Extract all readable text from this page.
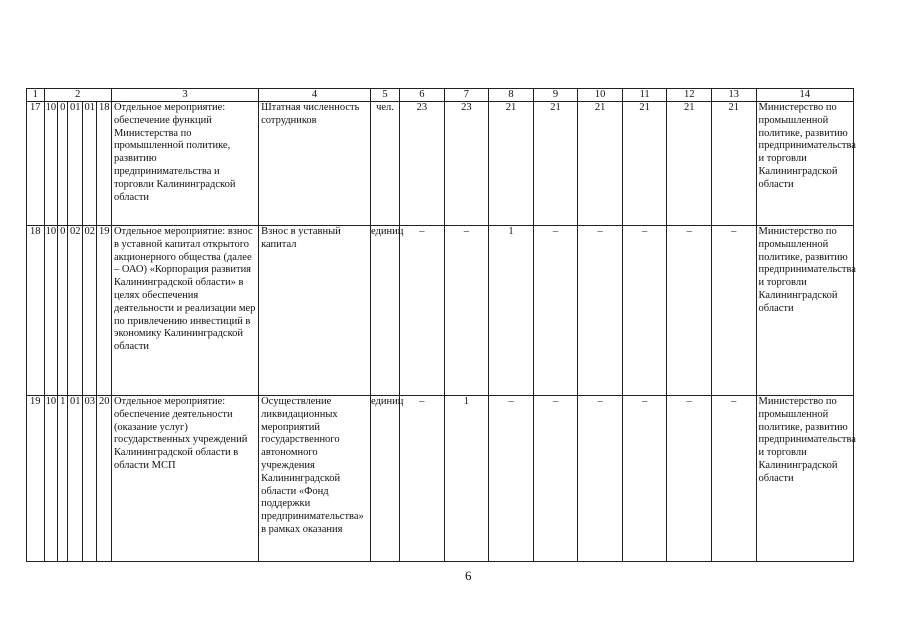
1	2					3	4	5	6	7	8	9	10	11	12	13	14
17	10	0	01	01	18	Отдельное мероприятие: обеспечение функций Министерства по промышленной политике, развитию предпринимательства и торговли Калининградской области	Штатная численность сотрудников	чел.	23	23	21	21	21	21	21	21	Министерство по промышленной политике, развитию предпринимательства и торговли Калининградской области

18	10	0	02	02	19	Отдельное мероприятие: взнос в уставной капитал открытого акционерного общества (далее – ОАО) «Корпорация развития Калининградской области» в целях обеспечения деятельности и реализации мер по привлечению инвестиций в экономику Калининградской области	Взнос в уставный капитал	единиц	–	–	1	–	–	–	–	–	Министерство по промышленной политике, развитию предпринимательства и торговли Калининградской области

19	10	1	01	03	20	Отдельное мероприятие: обеспечение деятельности (оказание услуг) государственных учреждений Калининградской области в области МСП	Осуществление ликвидационных мероприятий государственного автономного учреждения Калининградской области «Фонд поддержки предпринимательства» в рамках оказания	единиц	–	1	–	–	–	–	–	–	Министерство по промышленной политике, развитию предпринимательства и торговли Калининградской области
6
